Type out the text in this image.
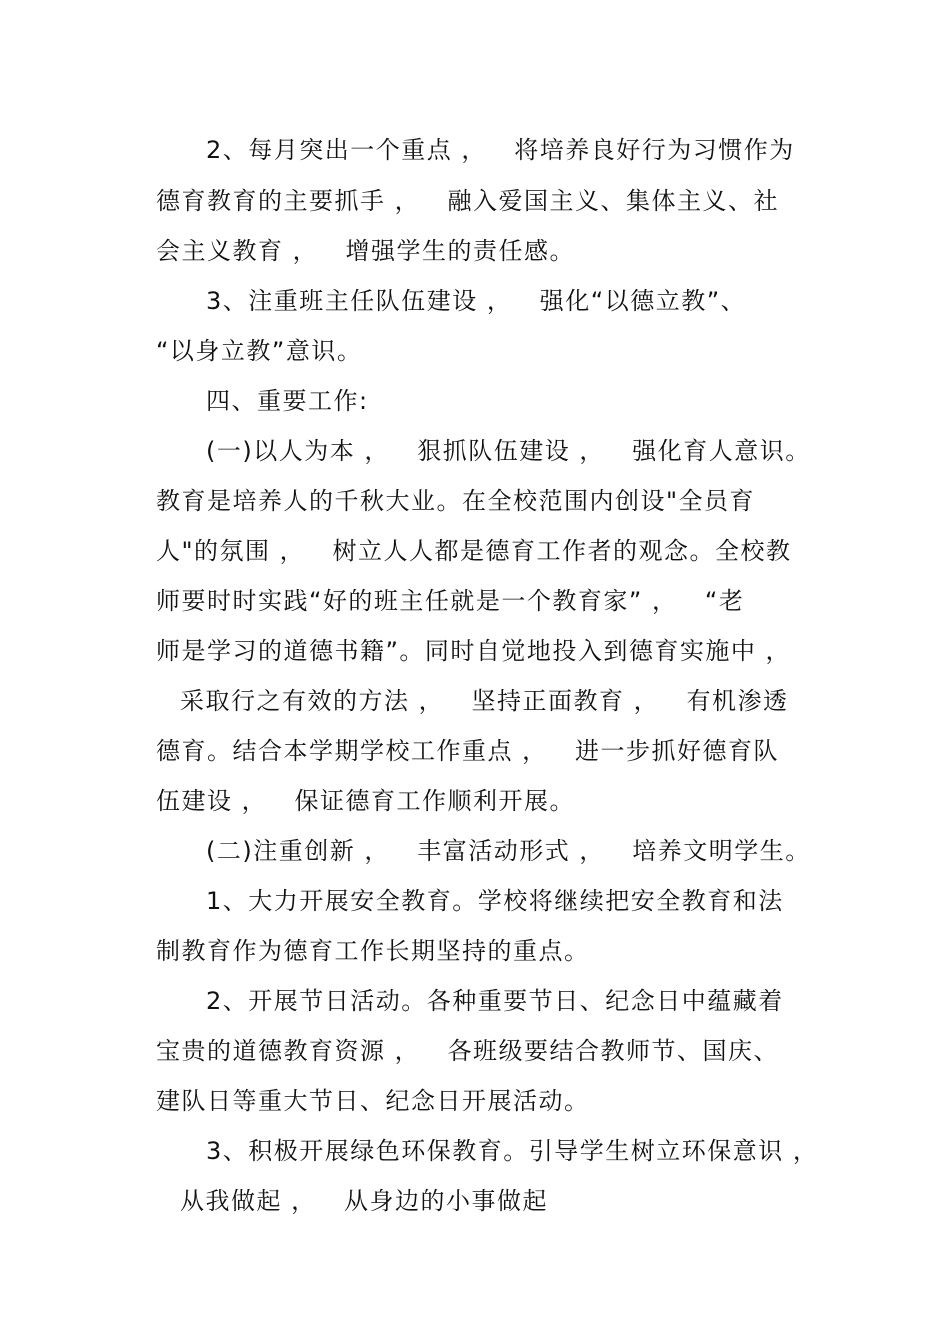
2、每月突出一个重点 ，   将培养良好行为习惯作为
德育教育的主要抓手 ，   融入爱国主义、集体主义、社
会主义教育 ，   增强学生的责任感。
3、注重班主任队伍建设 ，   强化“以德立教”、
“以身立教”意识。
四、重要工作:
(一)以人为本 ，   狠抓队伍建设 ，   强化育人意识。
教育是培养人的千秋大业。在全校范围内创设"全员育
人"的氛围 ，   树立人人都是德育工作者的观念。全校教
师要时时实践“好的班主任就是一个教育家” ，   “老
师是学习的道德书籍”。同时自觉地投入到德育实施中 ，
采取行之有效的方法 ，   坚持正面教育 ，   有机渗透
德育。结合本学期学校工作重点 ，   进一步抓好德育队
伍建设 ，   保证德育工作顺利开展。
(二)注重创新 ，   丰富活动形式 ，   培养文明学生。
1、大力开展安全教育。学校将继续把安全教育和法
制教育作为德育工作长期坚持的重点。
2、开展节日活动。各种重要节日、纪念日中蕴藏着
宝贵的道德教育资源 ，   各班级要结合教师节、国庆、
建队日等重大节日、纪念日开展活动。
3、积极开展绿色环保教育。引导学生树立环保意识 ，
从我做起 ，   从身边的小事做起
